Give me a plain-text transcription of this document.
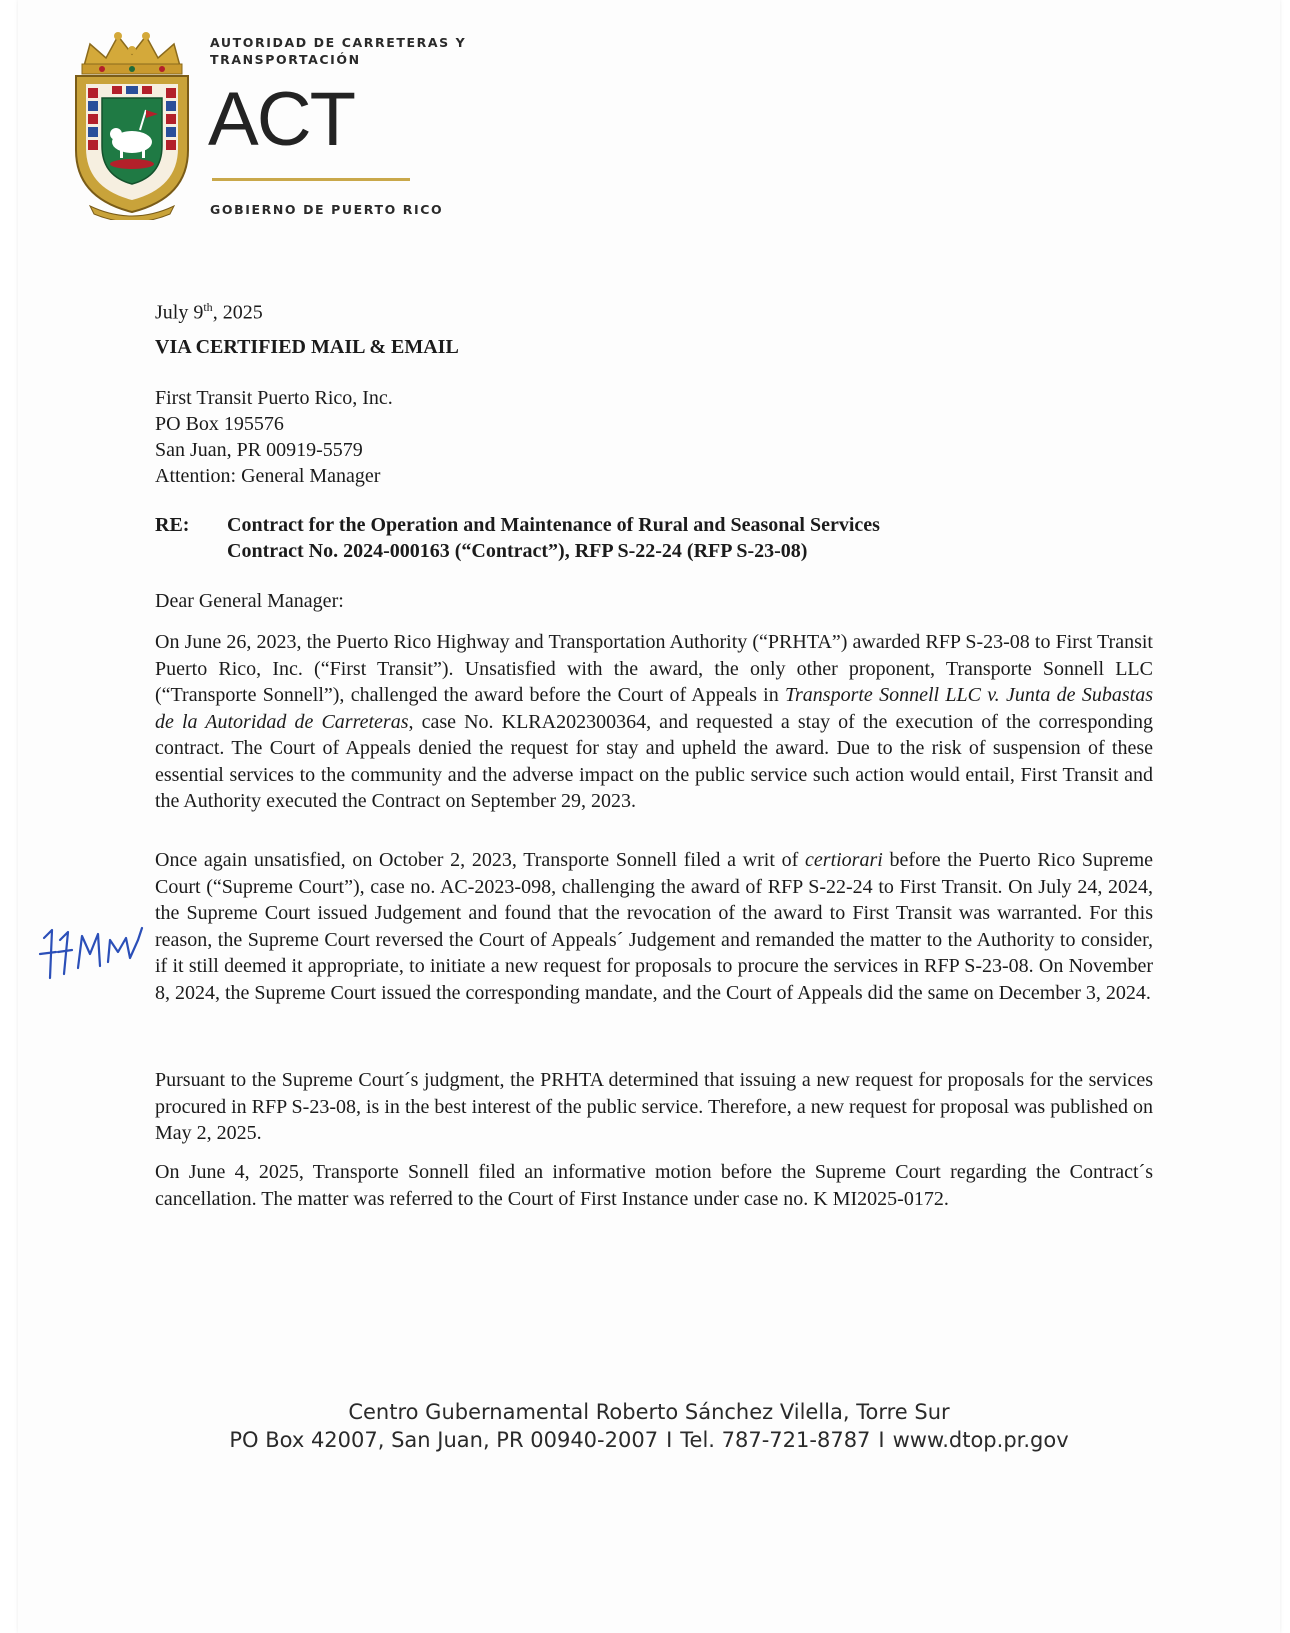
AUTORIDAD DE CARRETERAS Y
TRANSPORTACIÓN
ACT
GOBIERNO DE PUERTO RICO
July 9th, 2025
VIA CERTIFIED MAIL & EMAIL
First Transit Puerto Rico, Inc.
PO Box 195576
San Juan, PR 00919-5579
Attention: General Manager
RE: Contract for the Operation and Maintenance of Rural and Seasonal Services
Contract No. 2024-000163 (“Contract”), RFP S-22-24 (RFP S-23-08)
Dear General Manager:

On June 26, 2023, the Puerto Rico Highway and Transportation Authority (“PRHTA”) awarded RFP S-23-08 to First Transit Puerto Rico, Inc. (“First Transit”). Unsatisfied with the award, the only other proponent, Transporte Sonnell LLC (“Transporte Sonnell”), challenged the award before the Court of Appeals in Transporte Sonnell LLC v. Junta de Subastas de la Autoridad de Carreteras, case No. KLRA202300364, and requested a stay of the execution of the corresponding contract. The Court of Appeals denied the request for stay and upheld the award. Due to the risk of suspension of these essential services to the community and the adverse impact on the public service such action would entail, First Transit and the Authority executed the Contract on September 29, 2023.

Once again unsatisfied, on October 2, 2023, Transporte Sonnell filed a writ of certiorari before the Puerto Rico Supreme Court (“Supreme Court”), case no. AC-2023-098, challenging the award of RFP S-22-24 to First Transit. On July 24, 2024, the Supreme Court issued Judgement and found that the revocation of the award to First Transit was warranted. For this reason, the Supreme Court reversed the Court of Appeals´ Judgement and remanded the matter to the Authority to consider, if it still deemed it appropriate, to initiate a new request for proposals to procure the services in RFP S-23-08. On November 8, 2024, the Supreme Court issued the corresponding mandate, and the Court of Appeals did the same on December 3, 2024.

Pursuant to the Supreme Court´s judgment, the PRHTA determined that issuing a new request for proposals for the services procured in RFP S-23-08, is in the best interest of the public service. Therefore, a new request for proposal was published on May 2, 2025.

On June 4, 2025, Transporte Sonnell filed an informative motion before the Supreme Court regarding the Contract´s cancellation. The matter was referred to the Court of First Instance under case no. K MI2025-0172.

Centro Gubernamental Roberto Sánchez Vilella, Torre Sur
PO Box 42007, San Juan, PR 00940-2007 I Tel. 787-721-8787 I www.dtop.pr.gov
